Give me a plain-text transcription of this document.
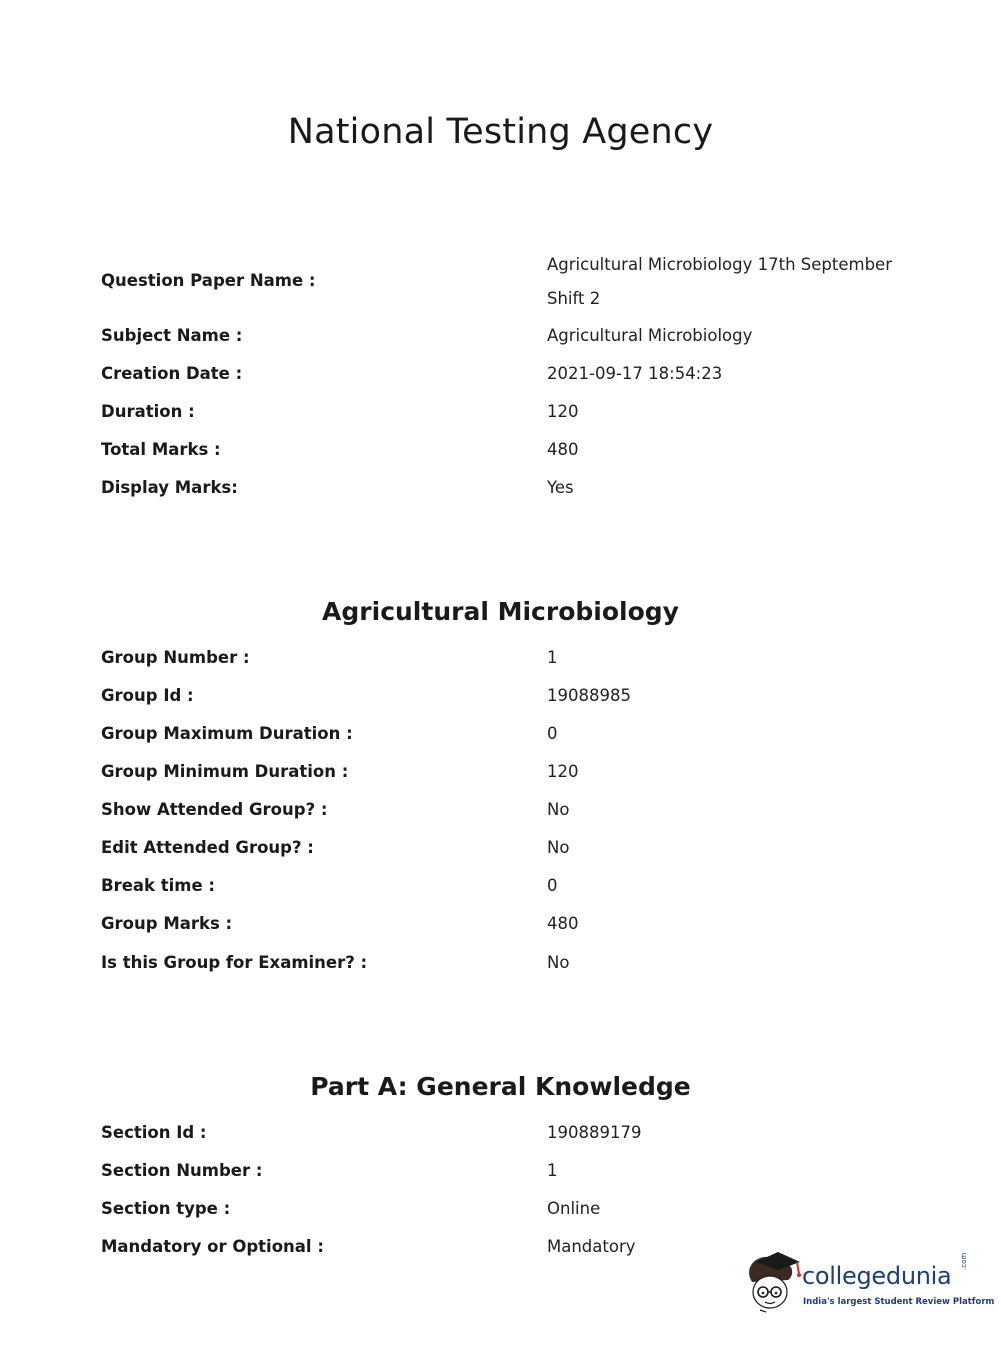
National Testing Agency
Question Paper Name :
Agricultural Microbiology 17th September Shift 2
Subject Name :	Agricultural Microbiology
Creation Date :	2021-09-17 18:54:23
Duration :	120
Total Marks :	480
Display Marks:	Yes
Agricultural Microbiology
Group Number :	1
Group Id :	19088985
Group Maximum Duration :	0
Group Minimum Duration :	120
Show Attended Group? :	No
Edit Attended Group? :	No
Break time :	0
Group Marks :	480
Is this Group for Examiner? :	No
Part A: General Knowledge
Section Id :	190889179
Section Number :	1
Section type :	Online
Mandatory or Optional :	Mandatory
collegedunia
.com
India's largest Student Review Platform
